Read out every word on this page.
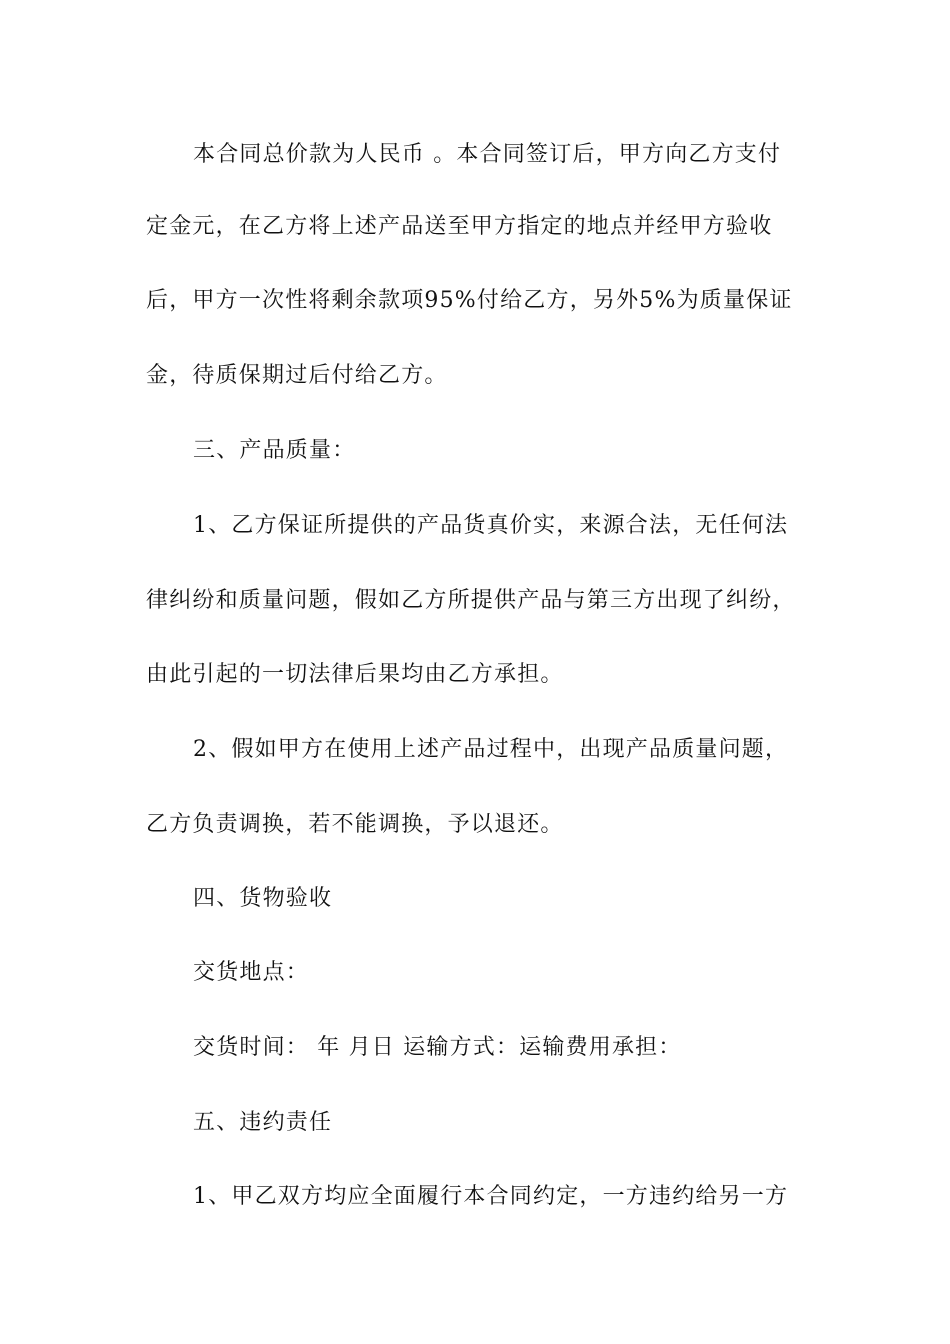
本合同总价款为人民币 。本合同签订后，甲方向乙方支付
定金元，在乙方将上述产品送至甲方指定的地点并经甲方验收
后，甲方一次性将剩余款项95%付给乙方，另外5%为质量保证
金，待质保期过后付给乙方。
三、产品质量：
1、乙方保证所提供的产品货真价实，来源合法，无任何法
律纠纷和质量问题，假如乙方所提供产品与第三方出现了纠纷，
由此引起的一切法律后果均由乙方承担。
2、假如甲方在使用上述产品过程中，出现产品质量问题，
乙方负责调换，若不能调换，予以退还。
四、货物验收
交货地点：
交货时间： 年 月日 运输方式：运输费用承担：
五、违约责任
1、甲乙双方均应全面履行本合同约定，一方违约给另一方
